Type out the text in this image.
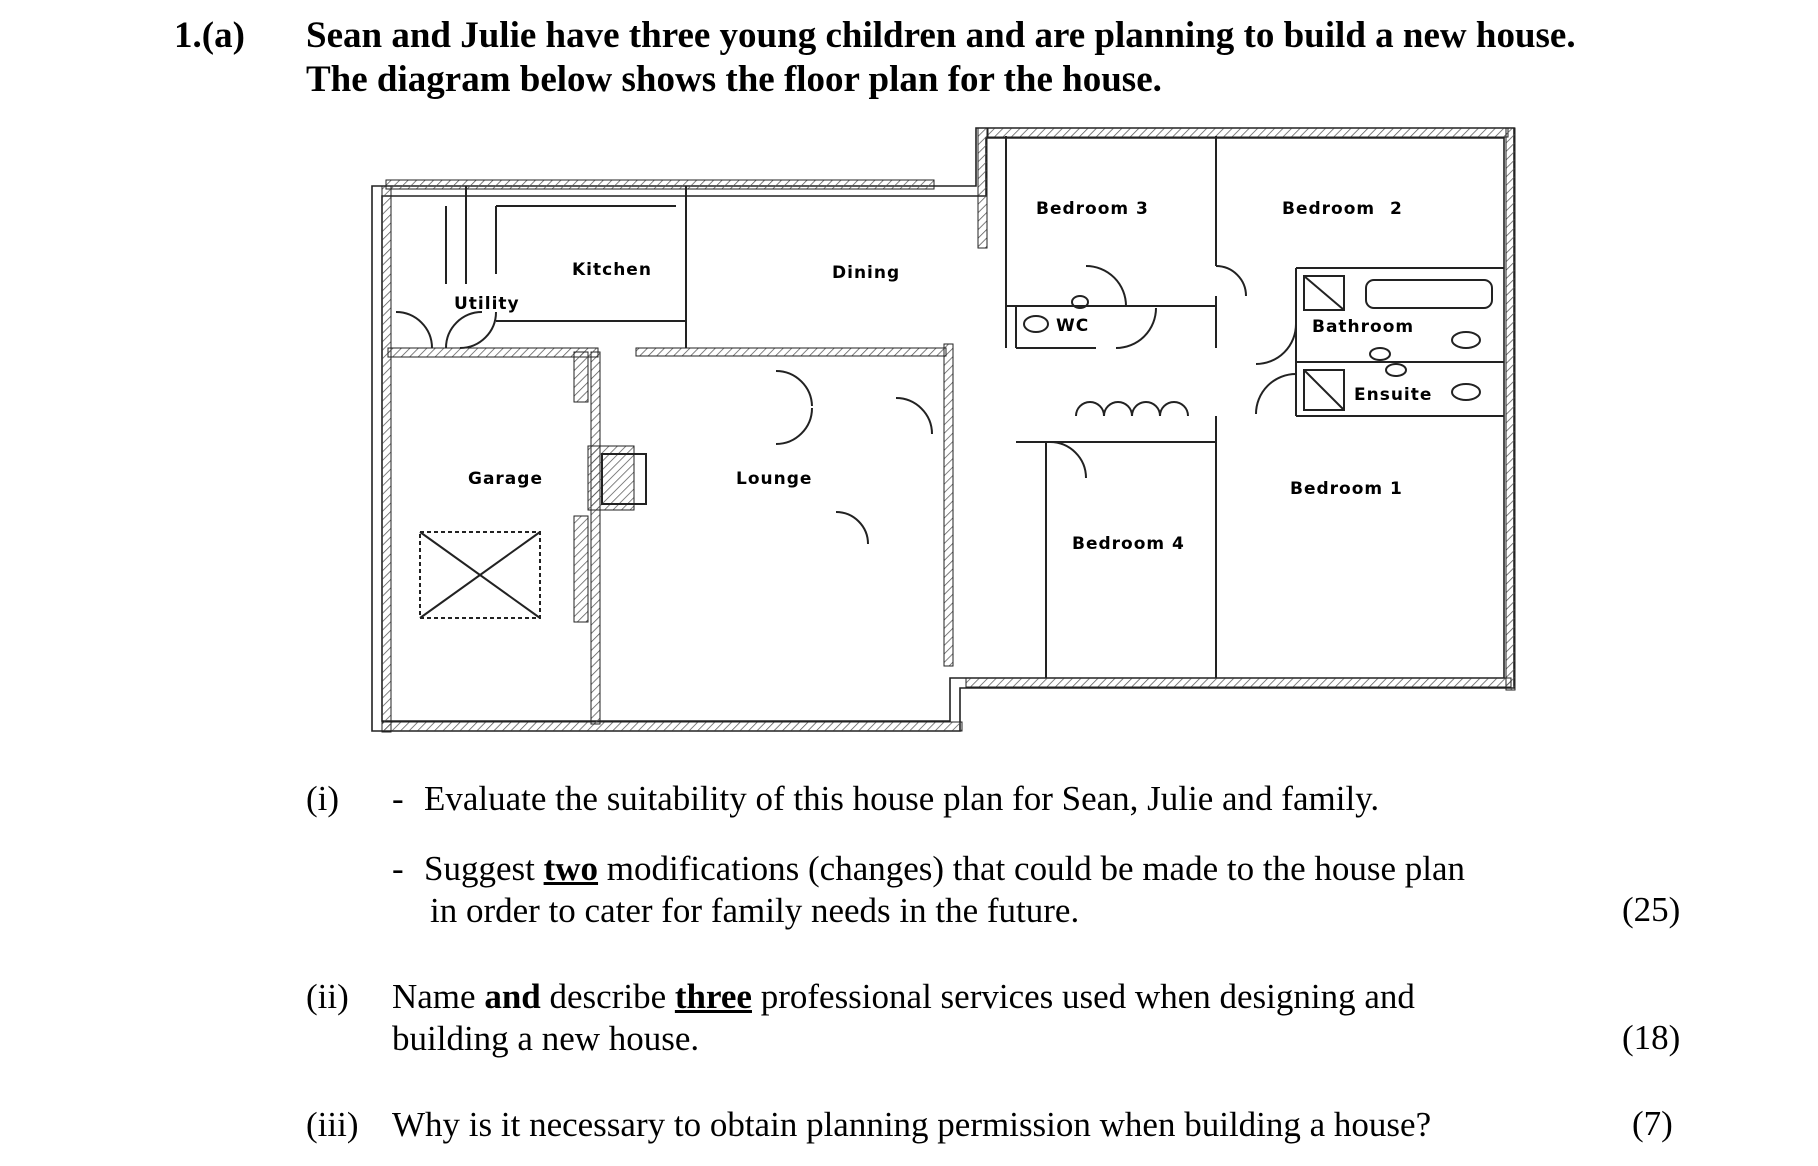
1.(a) Sean and Julie have three young children and are planning to build a new house.
The diagram below shows the floor plan for the house.
Bedroom 3	Bedroom 2
Kitchen	Dining
Utility
WC	Bathroom
Ensuite
Garage	Lounge	Bedroom 1
Bedroom 4
(i) - Evaluate the suitability of this house plan for Sean, Julie and family.
- Suggest two modifications (changes) that could be made to the house plan
in order to cater for family needs in the future.	(25)
(ii) Name and describe three professional services used when designing and
building a new house.	(18)
(iii) Why is it necessary to obtain planning permission when building a house?	(7)
